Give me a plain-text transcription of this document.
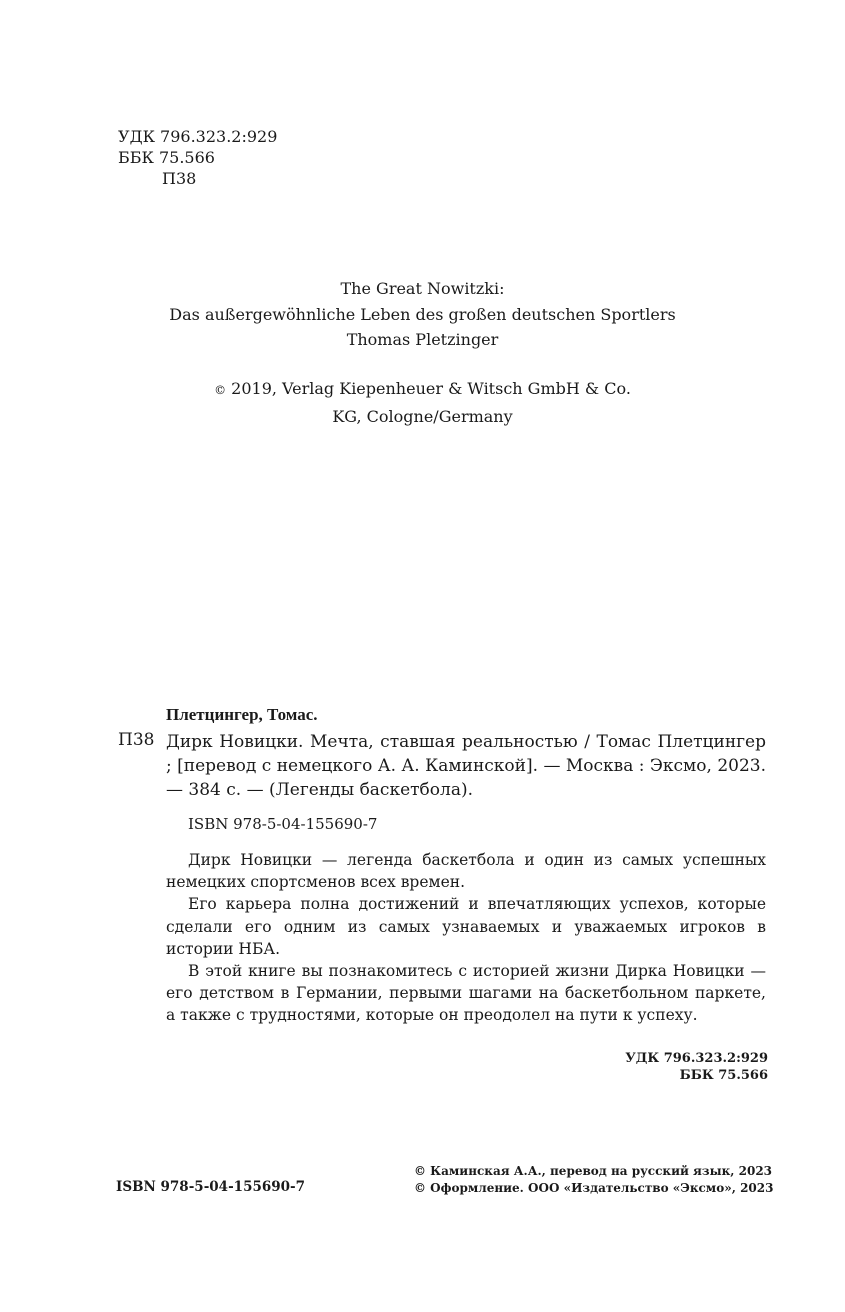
УДК 796.323.2:929
ББК 75.566
П38
The Great Nowitzki:
Das außergewöhnliche Leben des großen deutschen Sportlers
Thomas Pletzinger
© 2019, Verlag Kiepenheuer & Witsch GmbH & Co.
KG, Cologne/Germany
Плетцингер, Томас.
П38 Дирк Новицки. Мечта, ставшая реальностью / Томас Плетцингер ; [перевод с немецкого А. А. Каминской]. — Москва : Эксмо, 2023. — 384 с. — (Легенды баскетбола).
ISBN 978-5-04-155690-7

Дирк Новицки — легенда баскетбола и один из самых успешных немецких спортсменов всех времен.

Его карьера полна достижений и впечатляющих успехов, которые сделали его одним из самых узнаваемых и уважаемых игроков в истории НБА.

В этой книге вы познакомитесь с историей жизни Дирка Новицки — его детством в Германии, первыми шагами на баскетбольном паркете, а также с трудностями, которые он преодолел на пути к успеху.

УДК 796.323.2:929
ББК 75.566
ISBN 978-5-04-155690-7
© Каминская А.А., перевод на русский язык, 2023
© Оформление. ООО «Издательство «Эксмо», 2023
